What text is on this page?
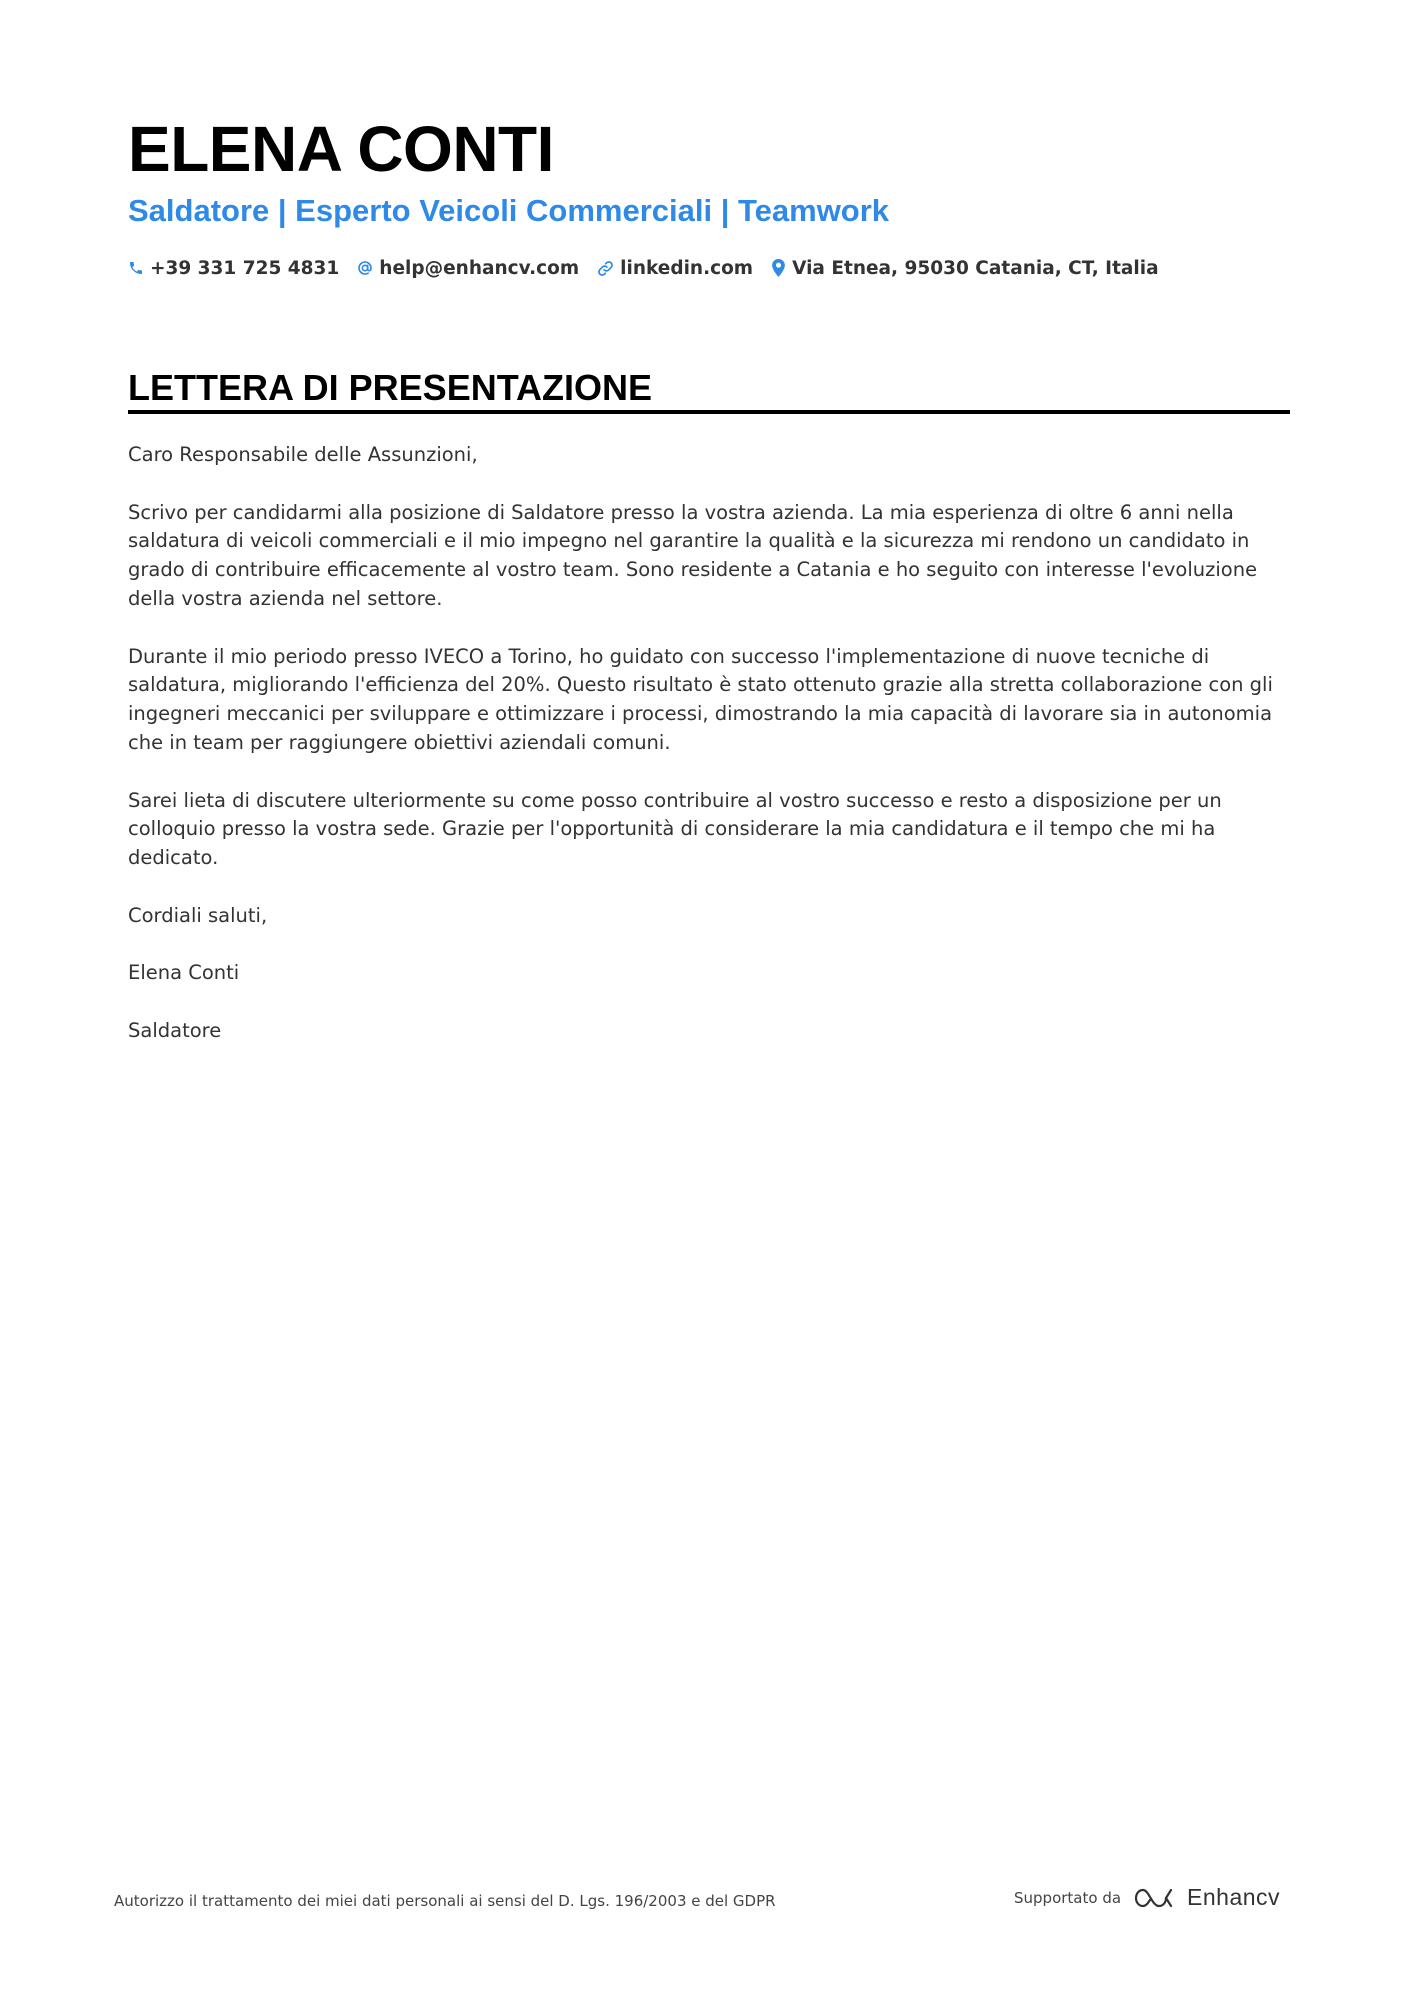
ELENA CONTI
Saldatore | Esperto Veicoli Commerciali | Teamwork
+39 331 725 4831 help@enhancv.com linkedin.com Via Etnea, 95030 Catania, CT, Italia
LETTERA DI PRESENTAZIONE

Caro Responsabile delle Assunzioni,

Scrivo per candidarmi alla posizione di Saldatore presso la vostra azienda. La mia esperienza di oltre 6 anni nella saldatura di veicoli commerciali e il mio impegno nel garantire la qualità e la sicurezza mi rendono un candidato in grado di contribuire efficacemente al vostro team. Sono residente a Catania e ho seguito con interesse l'evoluzione della vostra azienda nel settore.

Durante il mio periodo presso IVECO a Torino, ho guidato con successo l'implementazione di nuove tecniche di saldatura, migliorando l'efficienza del 20%. Questo risultato è stato ottenuto grazie alla stretta collaborazione con gli ingegneri meccanici per sviluppare e ottimizzare i processi, dimostrando la mia capacità di lavorare sia in autonomia che in team per raggiungere obiettivi aziendali comuni.

Sarei lieta di discutere ulteriormente su come posso contribuire al vostro successo e resto a disposizione per un colloquio presso la vostra sede. Grazie per l'opportunità di considerare la mia candidatura e il tempo che mi ha dedicato.

Cordiali saluti,

Elena Conti

Saldatore

Autorizzo il trattamento dei miei dati personali ai sensi del D. Lgs. 196/2003 e del GDPR	Supportato da	Enhancv
